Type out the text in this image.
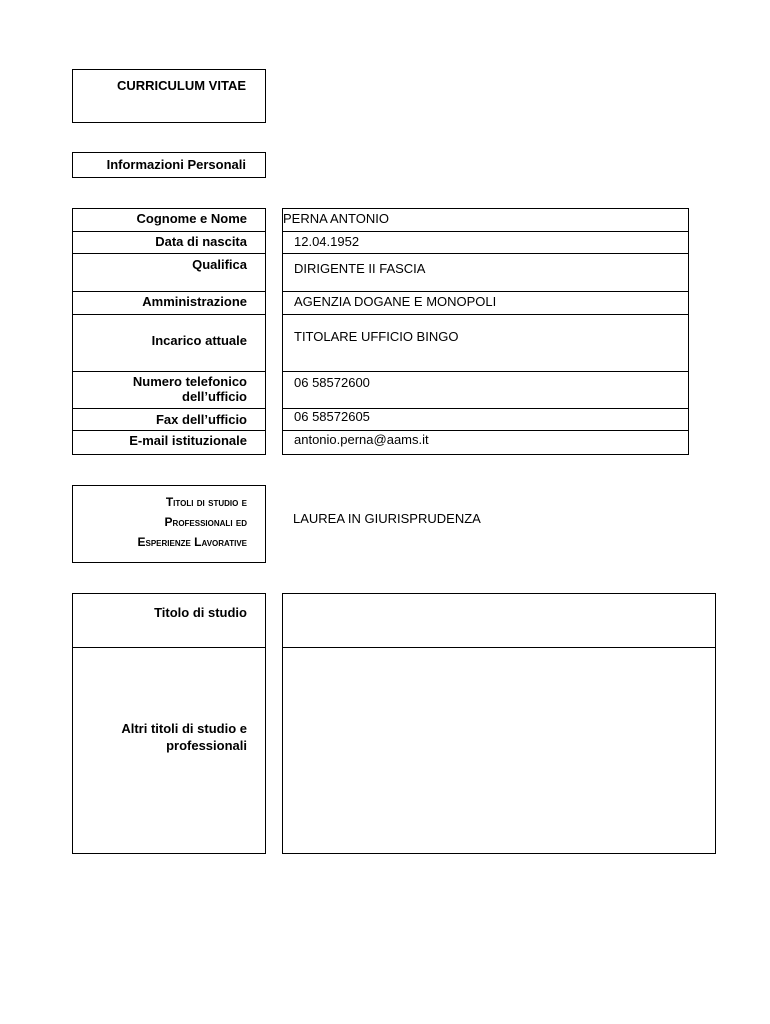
CURRICULUM VITAE
Informazioni Personali
Cognome e Nome
Data di nascita
Qualifica
Amministrazione
Incarico attuale
Numero telefonico
dell’ufficio
Fax dell’ufficio
E-mail istituzionale
PERNA ANTONIO
12.04.1952
DIRIGENTE II FASCIA
AGENZIA DOGANE E MONOPOLI
TITOLARE UFFICIO BINGO
06 58572600
06 58572605
antonio.perna@aams.it
Titoli di studio e
Professionali ed
Esperienze Lavorative
LAUREA IN GIURISPRUDENZA
Titolo di studio
Altri titoli di studio e
professionali
